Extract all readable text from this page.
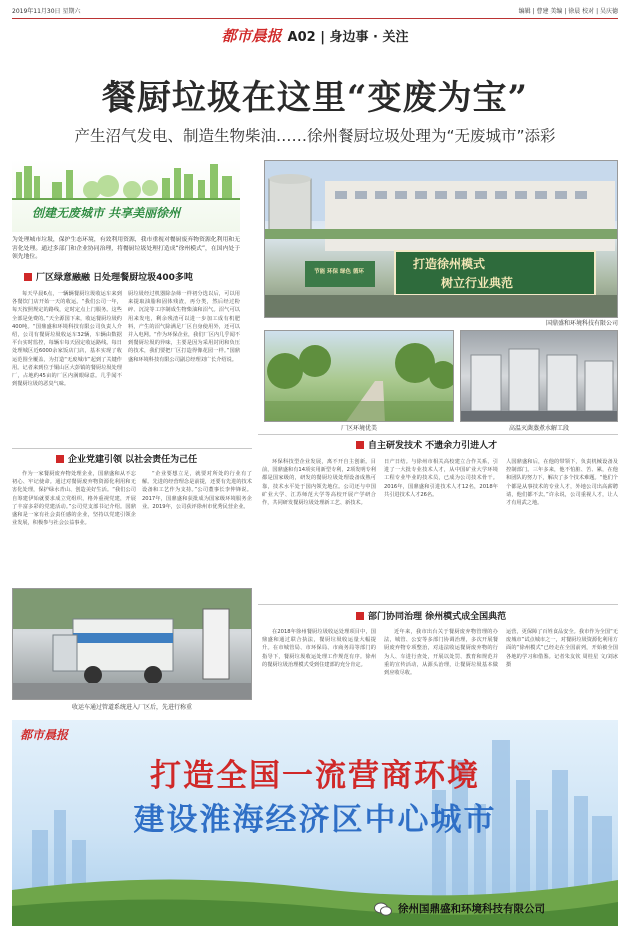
2019年11月30日 星期六	编辑 | 曹建 美编 | 徐晨 校对 | 吴庆德
都市晨报 A02 | 身边事 · 关注
餐厨垃圾在这里“变废为宝”
产生沼气发电、制造生物柴油……徐州餐厨垃圾处理为“无废城市”添彩
创建无废城市 共享美丽徐州
为处理城市垃圾，保护生态环境，有效利用资源，我市重视对餐厨废弃物资源化利用和无害化处理。通过多部门和企业协同治理，将餐厨垃圾处理打造成“徐州模式”，在国内处于领先地位。
厂区绿意融融 日处理餐厨垃圾400多吨
每天早晨6点，一辆辆餐厨垃圾收运车来到各餐饮门店开始一天的收运。“我们公司一年，每天按照规定的路线，定时定点上门服务。这些全部是免费的。”天全源国下来，收运餐厨垃圾约400吨。“国鼎盛和环境科技有限公司负责人介绍，公司有餐厨垃圾收运车32辆，车辆由数据平台实时监控，每辆车每天固定收运路线。每日处理城区近6000余家饭店门店，基本实现了收运范围全覆盖，为打造“无废城市”起到了关键作用。记者来到位于铜山区大彭镇的餐厨垃圾处理厂，占地约45亩的厂区内满眼绿意。几乎闻不到餐厨垃圾的恶臭气味。
厨垃圾经过机器除杂筛一样初分选以后，可以用来提取油脂和固体残渣，再分类，然后经过粉碎、沉淀等工序制成生物柴油和沼气。沼气可以用来发电，剩余残渣可以进一步加工成有机肥料，产生的沼气除满足厂区自身使用外，还可以并入电网。“作为环保企业，我们厂区内几乎闻不到餐厨垃圾的异味，主要是因为采用封闭和负压的技术，我们要把厂区打造得像花园一样。”国鼎盛和环境科技有限公司副总经理刘广长介绍说。
打造徐州模式
树立行业典范
节能 环保 绿色 循环
国鼎盛和环境科技有限公司
厂区环境优美	高温灭菌蒸煮水解工段
企业党建引领 以社会责任为己任
作为一家餐厨废弃物处理企业，国鼎盛和从不忘初心、牢记使命。通过对餐厨废弃物资源化利用和无害化处理，保护绿水青山、创造美好生活。“我们公司自筹建伊始就要求成立党组织，格外重视党建，开展了丰富多彩的党建活动。”公司党支部书记介绍。国鼎盛和是一家有社会责任感的企业，坚持以党建引领企业发展，积极参与社会公益事业。
“企业要想立足，就要对所处的行业有了解。先进的经营理念是前提，还要有先进的技术设备和工艺作为支持。”公司董事长李仲锋说。2017年，国鼎盛和获批成为国家级环境服务企业。2019年，公司获评徐州市优秀民营企业。
自主研发技术 不遗余力引进人才
环保科技型企业发展，离不开自主创新。目前，国鼎盛和有14项实用新型专利，2项发明专利都是国家级的，研发的餐厨垃圾处理设备成熟可靠，技术水平处于国内领先地位。公司还与中国矿业大学、江苏师范大学等高校开展产学研合作，共同研发餐厨垃圾处理新工艺、新技术。
日产日结。与徐州市相关高校建立合作关系，引进了一大批专业技术人才，从中国矿业大学环境工程专业毕业的技术员，已成为公司技术骨干。2016年，国鼎盛和引进技术人才12名，2018年共引进技术人才26名。
人国鼎盛和后，在他的带领下，负责机械设备及控制部门。三年多来，他不怕脏、苦、累，在他和团队的努力下，解决了多个技术难题。“他们个个都是从事技术的专业人才，外地公司出高薪聘请，他们都不去。”许永说，公司重视人才，让人才有用武之地。
收运车通过管道系统进入厂区后，先进行称重
部门协同治理 徐州模式成全国典范
在2018年徐州餐厨垃圾收运处理项目中，国鼎盛和通过联合执法，餐厨垃圾收运量大幅提升。在市城管局、市环保局、市商务局等部门的指导下，餐厨垃圾收运处理工作规范有序。徐州的餐厨垃圾治理模式受到住建部的充分肯定。
近年来，我市出台关于餐厨废弃物管理的办法，城管、公安等多部门协调治理，多次开展餐厨废弃物专项整治，对违法收运餐厨废弃物的行为人、车进行查处，开展以处罚、教育和规范并重的宣传活动，从源头治理，让餐厨垃圾基本做到应收尽收。
运营，更保障了百姓食品安全。我市作为全国“无废城市”试点城市之一，对餐厨垃圾资源化利用方面的“徐州模式”已经走在全国前列，开始被全国各地的学习和借鉴。记者朱友钦 周桂星 文/刘冰 摄
都市晨报
打造全国一流营商环境
建设淮海经济区中心城市
徐州国鼎盛和环境科技有限公司
